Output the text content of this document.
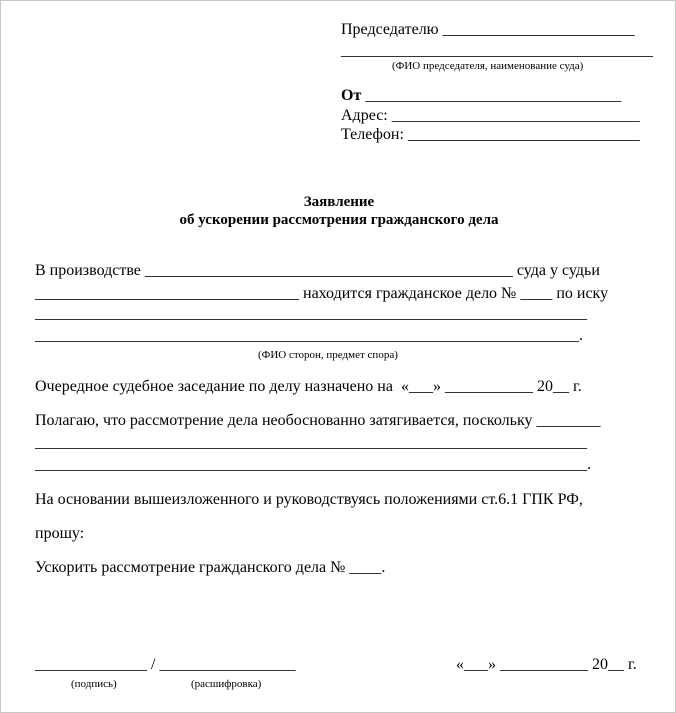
Председателю ________________________
_______________________________________
(ФИО председателя, наименование суда)
От ________________________________
Адрес: _______________________________
Телефон: _____________________________
Заявление
об ускорении рассмотрения гражданского дела
В производстве ______________________________________________ суда у судьи
_________________________________ находится гражданское дело № ____ по иску
_____________________________________________________________________
____________________________________________________________________.
(ФИО сторон, предмет спора)
Очередное судебное заседание по делу назначено на  «___» ___________ 20__ г.
Полагаю, что рассмотрение дела необоснованно затягивается, поскольку ________
_____________________________________________________________________
_____________________________________________________________________.
На основании вышеизложенного и руководствуясь положениями ст.6.1 ГПК РФ,
прошу:
Ускорить рассмотрение гражданского дела № ____.
______________ / _________________	«___» ___________ 20__ г.
(подпись)	(расшифровка)
